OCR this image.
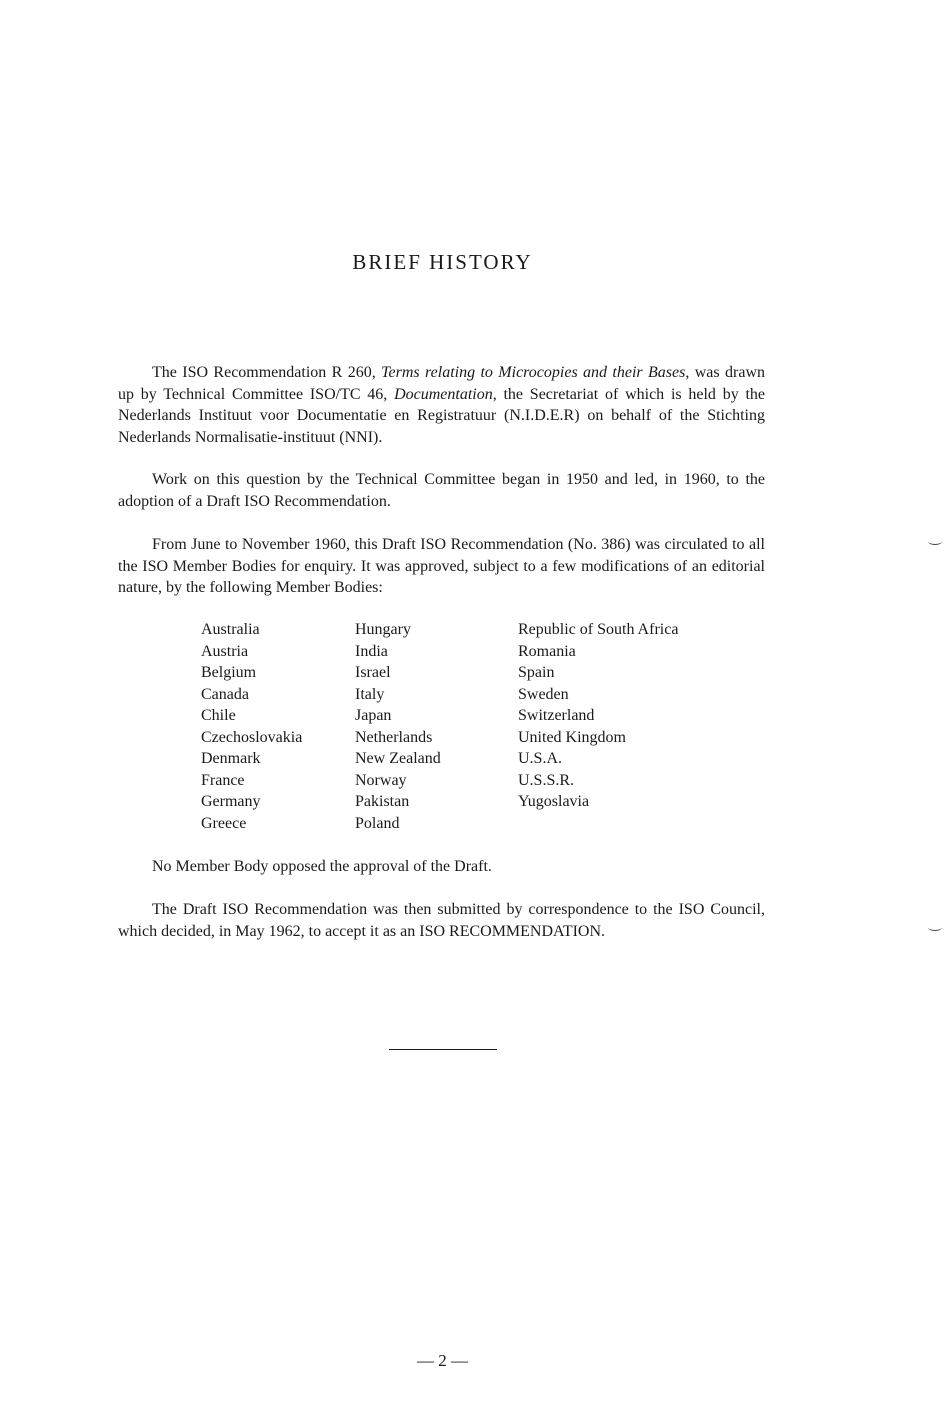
BRIEF HISTORY

The ISO Recommendation R 260, Terms relating to Microcopies and their Bases, was drawn up by Technical Committee ISO/TC 46, Documentation, the Secretariat of which is held by the Nederlands Instituut voor Documentatie en Registratuur (N.I.D.E.R) on behalf of the Stichting Nederlands Normalisatie-instituut (NNI).

Work on this question by the Technical Committee began in 1950 and led, in 1960, to the adoption of a Draft ISO Recommendation.

From June to November 1960, this Draft ISO Recommendation (No. 386) was circulated to all the ISO Member Bodies for enquiry. It was approved, subject to a few modifications of an editorial nature, by the following Member Bodies:

Australia
Austria
Belgium
Canada
Chile
Czechoslovakia
Denmark
France
Germany
Greece
Hungary
India
Israel
Italy
Japan
Netherlands
New Zealand
Norway
Pakistan
Poland
Republic of South Africa
Romania
Spain
Sweden
Switzerland
United Kingdom
U.S.A.
U.S.S.R.
Yugoslavia

No Member Body opposed the approval of the Draft.

The Draft ISO Recommendation was then submitted by correspondence to the ISO Council, which decided, in May 1962, to accept it as an ISO RECOMMENDATION.

— 2 —
